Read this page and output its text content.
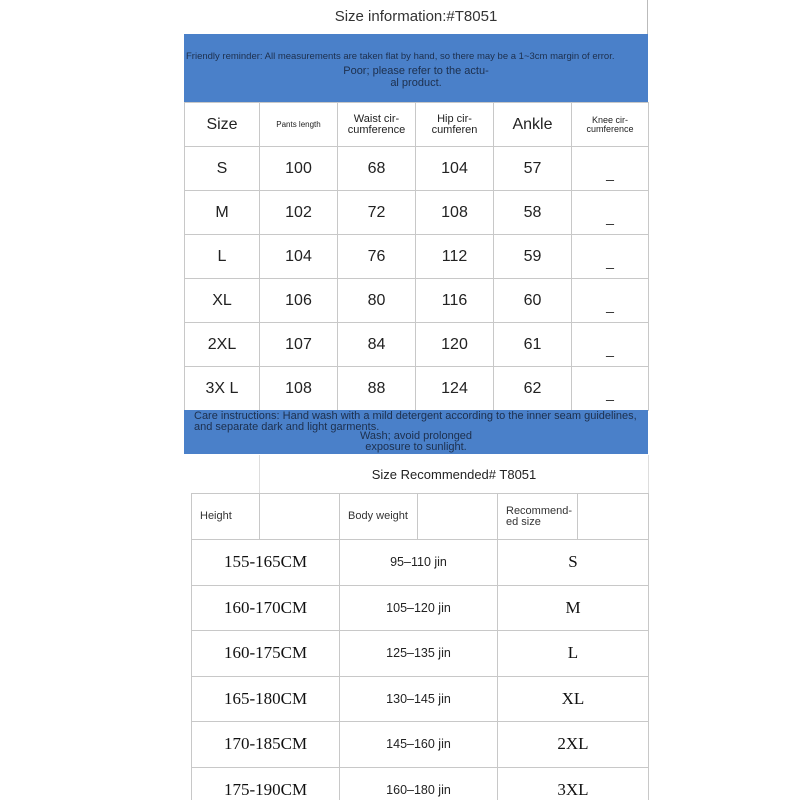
Size information:#T8051
Friendly reminder: All measurements are taken flat by hand, so there may be a 1~3cm margin of error.
Poor; please refer to the actu-
al product.
Size	Pants length	Waist cir-cumference	Hip cir-cumferen	Ankle	Knee cir-cumference
S	100	68	104	57	_
M	102	72	108	58	_
L	104	76	112	59	_
XL	106	80	116	60	_
2XL	107	84	120	61	_
3X L	108	88	124	62	_
Care instructions: Hand wash with a mild detergent according to the inner seam guidelines, and separate dark and light garments.
Wash; avoid prolonged
exposure to sunlight.
Size Recommended# T8051
Height		Body weight		Recommend-ed size	
155-165CM		95–110 jin		S	
160-170CM		105–120 jin		M	
160-175CM		125–135 jin		L	
165-180CM		130–145 jin		XL	
170-185CM		145–160 jin		2XL	
175-190CM		160–180 jin		3XL	
